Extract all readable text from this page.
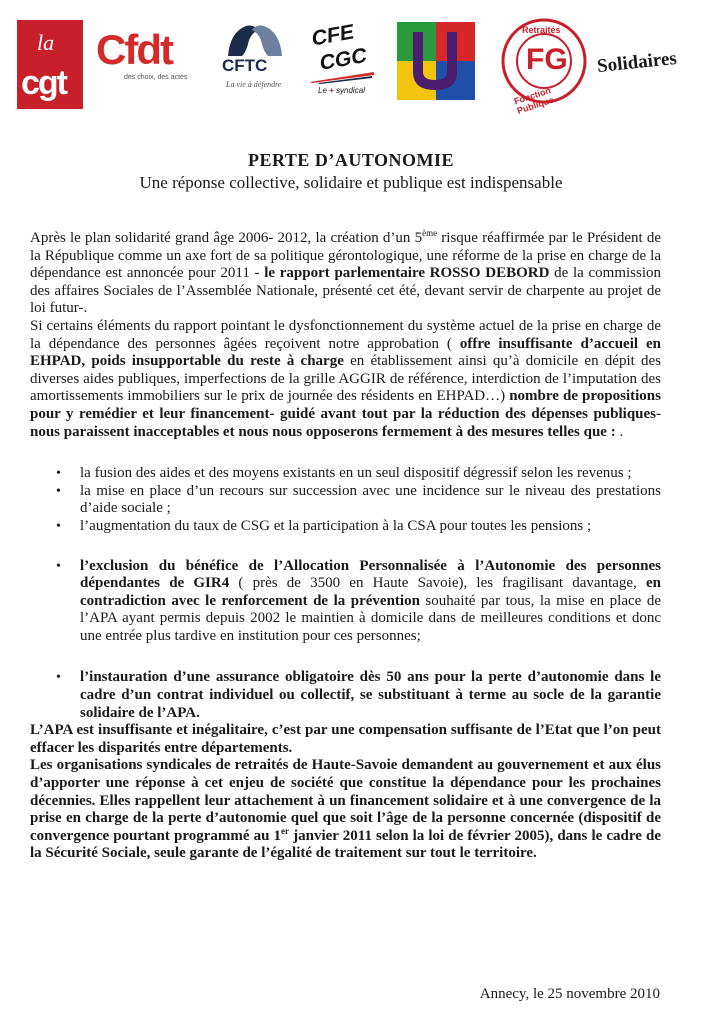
la
cgt
Cfdt
des choix, des actes
CFTC
La vie à défendre
CFE
CGC
Le + syndical
Retraités
FG
Fonction Publique
Solidaires
PERTE D’AUTONOMIE
Une réponse collective, solidaire et publique est indispensable

Après le plan solidarité grand âge 2006- 2012, la création d’un 5ème risque réaffirmée par le Président de la République comme un axe fort de sa politique gérontologique, une réforme de la prise en charge de la dépendance est annoncée pour 2011 - le rapport parlementaire ROSSO DEBORD de la commission des affaires Sociales de l’Assemblée Nationale, présenté cet été, devant servir de charpente au projet de loi futur-.

Si certains éléments du rapport pointant le dysfonctionnement du système actuel de la prise en charge de la dépendance des personnes âgées reçoivent notre approbation ( offre insuffisante d’accueil en EHPAD, poids insupportable du reste à charge en établissement ainsi qu’à domicile en dépit des diverses aides publiques, imperfections de la grille AGGIR de référence, interdiction de l’imputation des amortissements immobiliers sur le prix de journée des résidents en EHPAD…) nombre de propositions pour y remédier et leur financement- guidé avant tout par la réduction des dépenses publiques- nous paraissent inacceptables et nous nous opposerons fermement à des mesures telles que : .

• la fusion des aides et des moyens existants en un seul dispositif dégressif selon les revenus ;
• la mise en place d’un recours sur succession avec une incidence sur le niveau des prestations d’aide sociale ;
• l’augmentation du taux de CSG et la participation à la CSA pour toutes les pensions ;
• l’exclusion du bénéfice de l’Allocation Personnalisée à l’Autonomie des personnes dépendantes de GIR4 ( près de 3500 en Haute Savoie), les fragilisant davantage, en contradiction avec le renforcement de la prévention souhaité par tous, la mise en place de l’APA ayant permis depuis 2002 le maintien à domicile dans de meilleures conditions et donc une entrée plus tardive en institution pour ces personnes;
• l’instauration d’une assurance obligatoire dès 50 ans pour la perte d’autonomie dans le cadre d’un contrat individuel ou collectif, se substituant à terme au socle de la garantie solidaire de l’APA.

L’APA est insuffisante et inégalitaire, c’est par une compensation suffisante de l’Etat que l’on peut effacer les disparités entre départements.

Les organisations syndicales de retraités de Haute-Savoie demandent au gouvernement et aux élus d’apporter une réponse à cet enjeu de société que constitue la dépendance pour les prochaines décennies. Elles rappellent leur attachement à un financement solidaire et à une convergence de la prise en charge de la perte d’autonomie quel que soit l’âge de la personne concernée (dispositif de convergence pourtant programmé au 1er janvier 2011 selon la loi de février 2005), dans le cadre de la Sécurité Sociale, seule garante de l’égalité de traitement sur tout le territoire.

Annecy, le 25 novembre 2010
